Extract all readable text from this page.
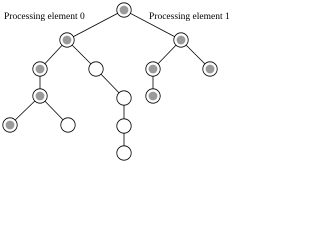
Processing element 0	Processing element 1
